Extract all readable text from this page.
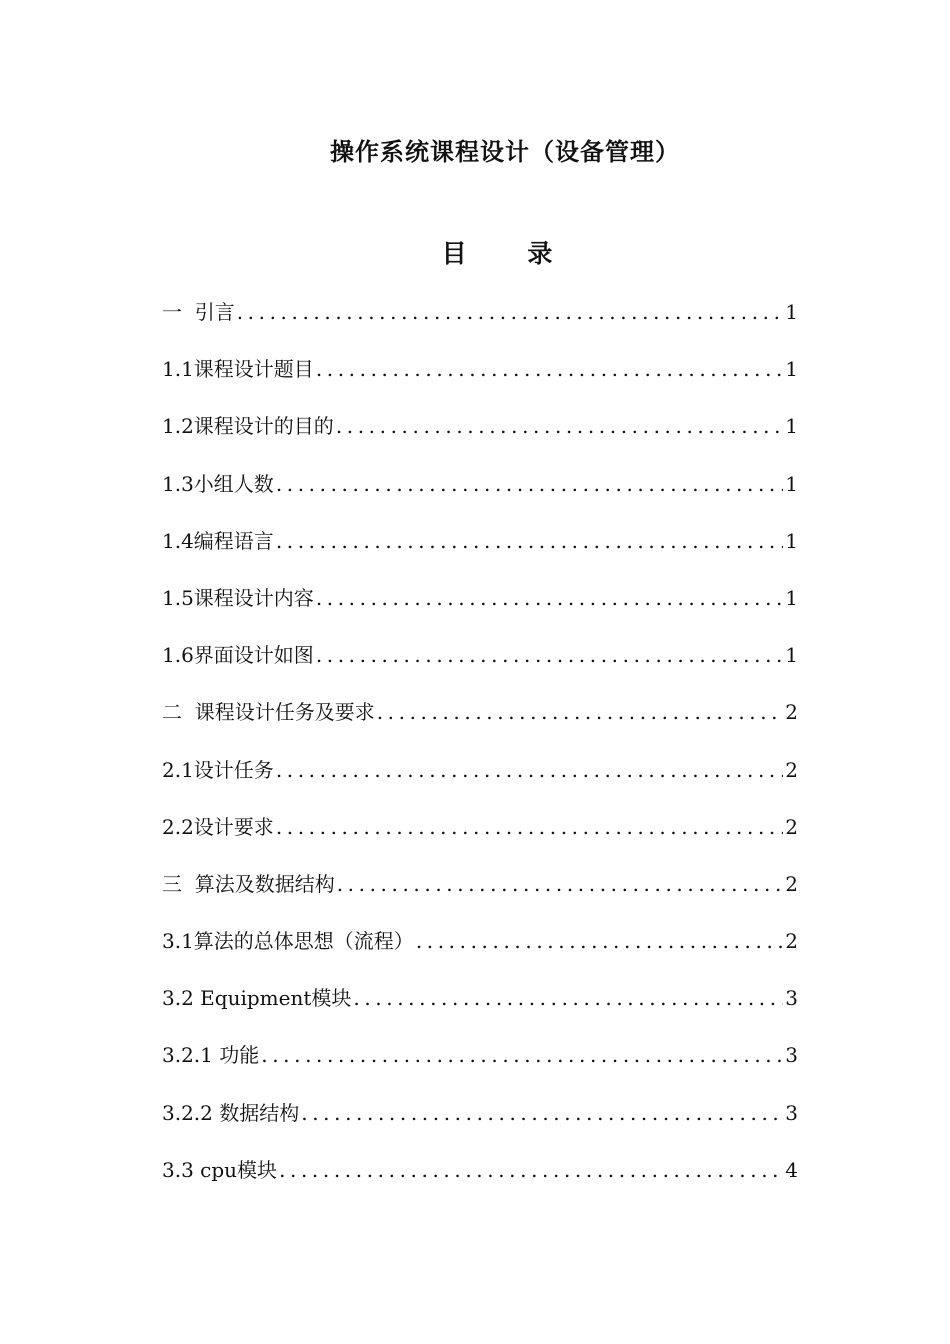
操作系统课程设计（设备管理）
目 录
一  引言 .....	1
1.1课程设计题目 .....	1
1.2课程设计的目的 .....	1
1.3小组人数 .....	1
1.4编程语言 .....	1
1.5课程设计内容 .....	1
1.6界面设计如图 .....	1
二  课程设计任务及要求 .....	2
2.1设计任务 .....	2
2.2设计要求 .....	2
三  算法及数据结构 .....	2
3.1算法的总体思想（流程） .....	2
3.2 Equipment模块 .....	3
3.2.1 功能 .....	3
3.2.2 数据结构 .....	3
3.3 cpu模块 .....	4
